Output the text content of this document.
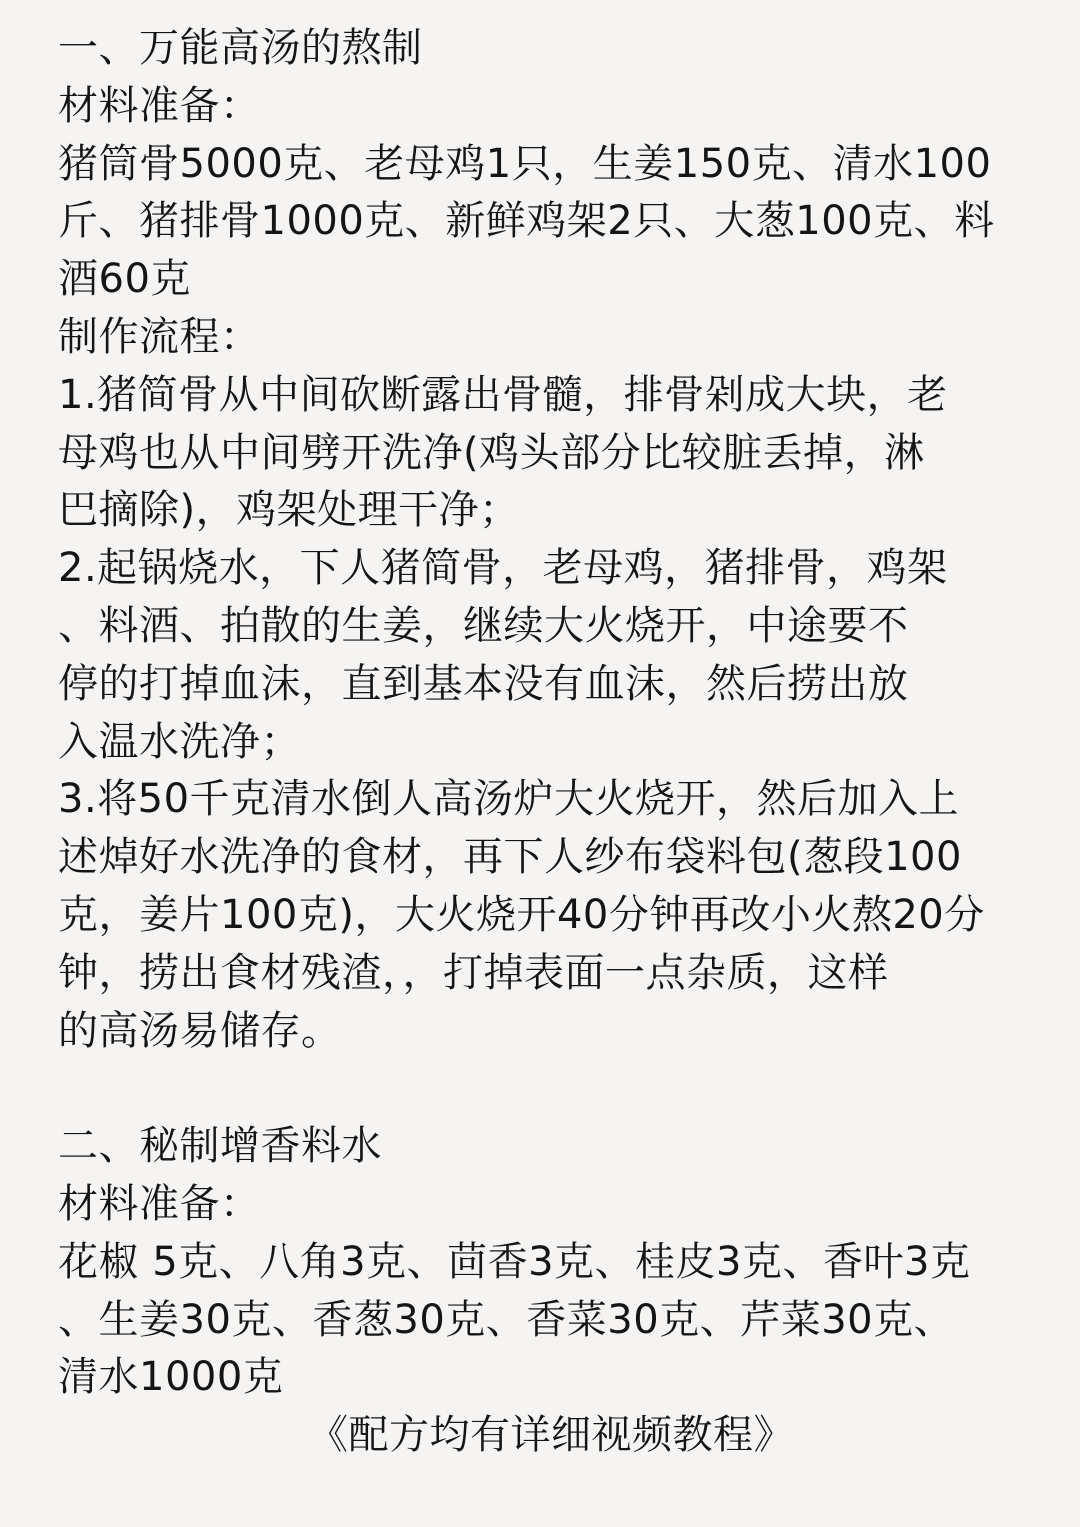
一、万能高汤的熬制
材料准备：
猪筒骨5000克、老母鸡1只，生姜150克、清水100
斤、猪排骨1000克、新鲜鸡架2只、大葱100克、料
酒60克
制作流程：
1.猪简骨从中间砍断露出骨髓，排骨剁成大块，老
母鸡也从中间劈开洗净(鸡头部分比较脏丢掉，淋
巴摘除)，鸡架处理干净；
2.起锅烧水，下人猪简骨，老母鸡，猪排骨，鸡架
、料酒、拍散的生姜，继续大火烧开，中途要不
停的打掉血沫，直到基本没有血沫，然后捞出放
入温水洗净；
3.将50千克清水倒人高汤炉大火烧开，然后加入上
述焯好水洗净的食材，再下人纱布袋料包(葱段100
克，姜片100克)，大火烧开40分钟再改小火熬20分
钟，捞出食材残渣，，打掉表面一点杂质，这样
的高汤易储存。
二、秘制增香料水
材料准备：
花椒 5克、八角3克、茴香3克、桂皮3克、香叶3克
、生姜30克、香葱30克、香菜30克、芹菜30克、
清水1000克
《配方均有详细视频教程》
